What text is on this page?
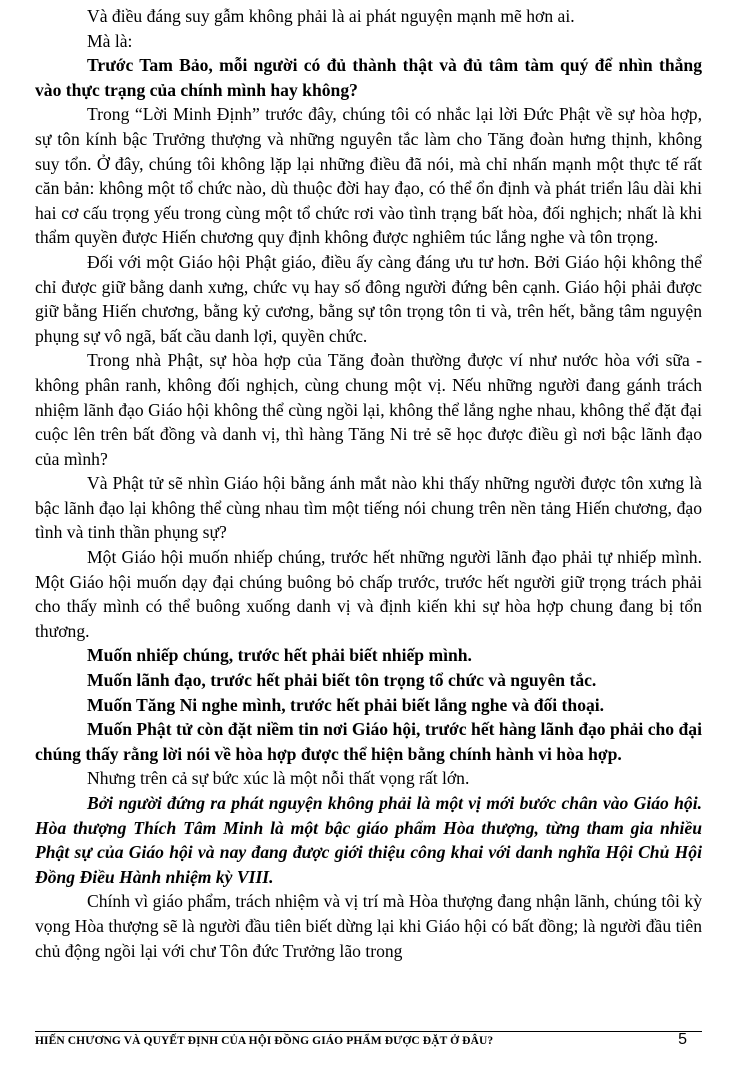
Và điều đáng suy gẫm không phải là ai phát nguyện mạnh mẽ hơn ai.

Mà là:

Trước Tam Bảo, mỗi người có đủ thành thật và đủ tâm tàm quý để nhìn thẳng vào thực trạng của chính mình hay không?

Trong “Lời Minh Định” trước đây, chúng tôi có nhắc lại lời Đức Phật về sự hòa hợp, sự tôn kính bậc Trưởng thượng và những nguyên tắc làm cho Tăng đoàn hưng thịnh, không suy tổn. Ở đây, chúng tôi không lặp lại những điều đã nói, mà chỉ nhấn mạnh một thực tế rất căn bản: không một tổ chức nào, dù thuộc đời hay đạo, có thể ổn định và phát triển lâu dài khi hai cơ cấu trọng yếu trong cùng một tổ chức rơi vào tình trạng bất hòa, đối nghịch; nhất là khi thẩm quyền được Hiến chương quy định không được nghiêm túc lắng nghe và tôn trọng.

Đối với một Giáo hội Phật giáo, điều ấy càng đáng ưu tư hơn. Bởi Giáo hội không thể chỉ được giữ bằng danh xưng, chức vụ hay số đông người đứng bên cạnh. Giáo hội phải được giữ bằng Hiến chương, bằng kỷ cương, bằng sự tôn trọng tôn ti và, trên hết, bằng tâm nguyện phụng sự vô ngã, bất cầu danh lợi, quyền chức.

Trong nhà Phật, sự hòa hợp của Tăng đoàn thường được ví như nước hòa với sữa - không phân ranh, không đối nghịch, cùng chung một vị. Nếu những người đang gánh trách nhiệm lãnh đạo Giáo hội không thể cùng ngồi lại, không thể lắng nghe nhau, không thể đặt đại cuộc lên trên bất đồng và danh vị, thì hàng Tăng Ni trẻ sẽ học được điều gì nơi bậc lãnh đạo của mình?

Và Phật tử sẽ nhìn Giáo hội bằng ánh mắt nào khi thấy những người được tôn xưng là bậc lãnh đạo lại không thể cùng nhau tìm một tiếng nói chung trên nền tảng Hiến chương, đạo tình và tinh thần phụng sự?

Một Giáo hội muốn nhiếp chúng, trước hết những người lãnh đạo phải tự nhiếp mình. Một Giáo hội muốn dạy đại chúng buông bỏ chấp trước, trước hết người giữ trọng trách phải cho thấy mình có thể buông xuống danh vị và định kiến khi sự hòa hợp chung đang bị tổn thương.

Muốn nhiếp chúng, trước hết phải biết nhiếp mình.

Muốn lãnh đạo, trước hết phải biết tôn trọng tổ chức và nguyên tắc.

Muốn Tăng Ni nghe mình, trước hết phải biết lắng nghe và đối thoại.

Muốn Phật tử còn đặt niềm tin nơi Giáo hội, trước hết hàng lãnh đạo phải cho đại chúng thấy rằng lời nói về hòa hợp được thể hiện bằng chính hành vi hòa hợp.

Nhưng trên cả sự bức xúc là một nỗi thất vọng rất lớn.

Bởi người đứng ra phát nguyện không phải là một vị mới bước chân vào Giáo hội. Hòa thượng Thích Tâm Minh là một bậc giáo phẩm Hòa thượng, từng tham gia nhiều Phật sự của Giáo hội và nay đang được giới thiệu công khai với danh nghĩa Hội Chủ Hội Đồng Điều Hành nhiệm kỳ VIII.

Chính vì giáo phẩm, trách nhiệm và vị trí mà Hòa thượng đang nhận lãnh, chúng tôi kỳ vọng Hòa thượng sẽ là người đầu tiên biết dừng lại khi Giáo hội có bất đồng; là người đầu tiên chủ động ngồi lại với chư Tôn đức Trưởng lão trong

HIẾN CHƯƠNG VÀ QUYẾT ĐỊNH CỦA HỘI ĐỒNG GIÁO PHẨM ĐƯỢC ĐẶT Ở ĐÂU?	5
